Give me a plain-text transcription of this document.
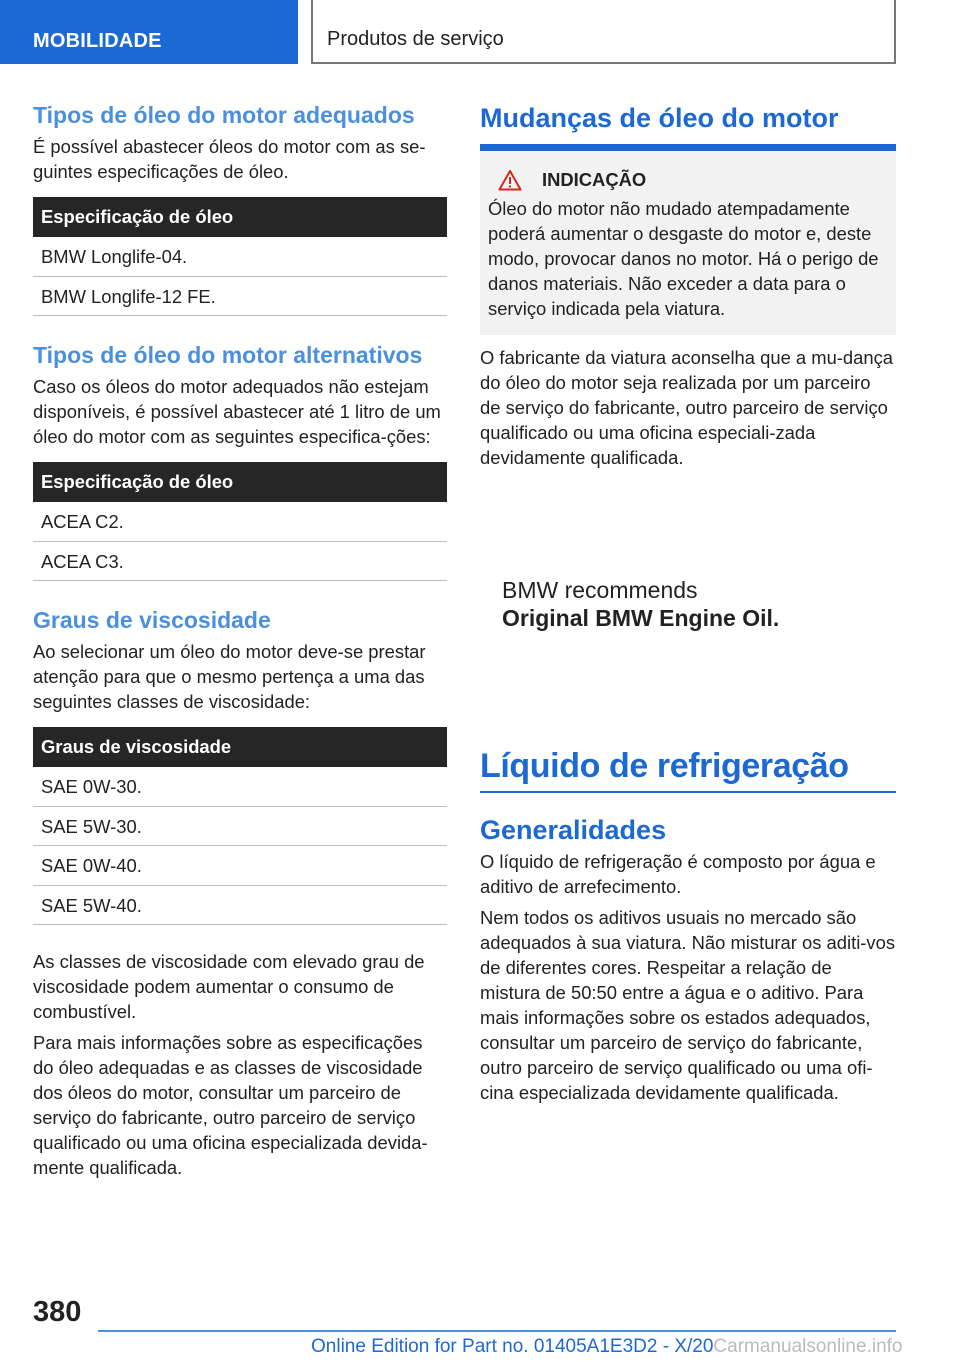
MOBILIDADE	Produtos de serviço
Tipos de óleo do motor adequados
É possível abastecer óleos do motor com as se-guintes especificações de óleo.
Especificação de óleo
BMW Longlife-04.
BMW Longlife-12 FE.
Tipos de óleo do motor alternativos
Caso os óleos do motor adequados não estejam disponíveis, é possível abastecer até 1 litro de um óleo do motor com as seguintes especifica-ções:
Especificação de óleo
ACEA C2.
ACEA C3.
Graus de viscosidade
Ao selecionar um óleo do motor deve-se prestar atenção para que o mesmo pertença a uma das seguintes classes de viscosidade:
Graus de viscosidade
SAE 0W-30.
SAE 5W-30.
SAE 0W-40.
SAE 5W-40.
As classes de viscosidade com elevado grau de viscosidade podem aumentar o consumo de combustível.
Para mais informações sobre as especificações do óleo adequadas e as classes de viscosidade dos óleos do motor, consultar um parceiro de serviço do fabricante, outro parceiro de serviço qualificado ou uma oficina especializada devida-mente qualificada.
Mudanças de óleo do motor
INDICAÇÃO
Óleo do motor não mudado atempadamente poderá aumentar o desgaste do motor e, deste modo, provocar danos no motor. Há o perigo de danos materiais. Não exceder a data para o serviço indicada pela viatura.
O fabricante da viatura aconselha que a mu-dança do óleo do motor seja realizada por um parceiro de serviço do fabricante, outro parceiro de serviço qualificado ou uma oficina especiali-zada devidamente qualificada.
BMW recommends
Original BMW Engine Oil.
Líquido de refrigeração
Generalidades
O líquido de refrigeração é composto por água e aditivo de arrefecimento.
Nem todos os aditivos usuais no mercado são adequados à sua viatura. Não misturar os aditi-vos de diferentes cores. Respeitar a relação de mistura de 50:50 entre a água e o aditivo. Para mais informações sobre os estados adequados, consultar um parceiro de serviço do fabricante, outro parceiro de serviço qualificado ou uma ofi-cina especializada devidamente qualificada.
380
Online Edition for Part no. 01405A1E3D2 - X/20Carmanualsonline.info
